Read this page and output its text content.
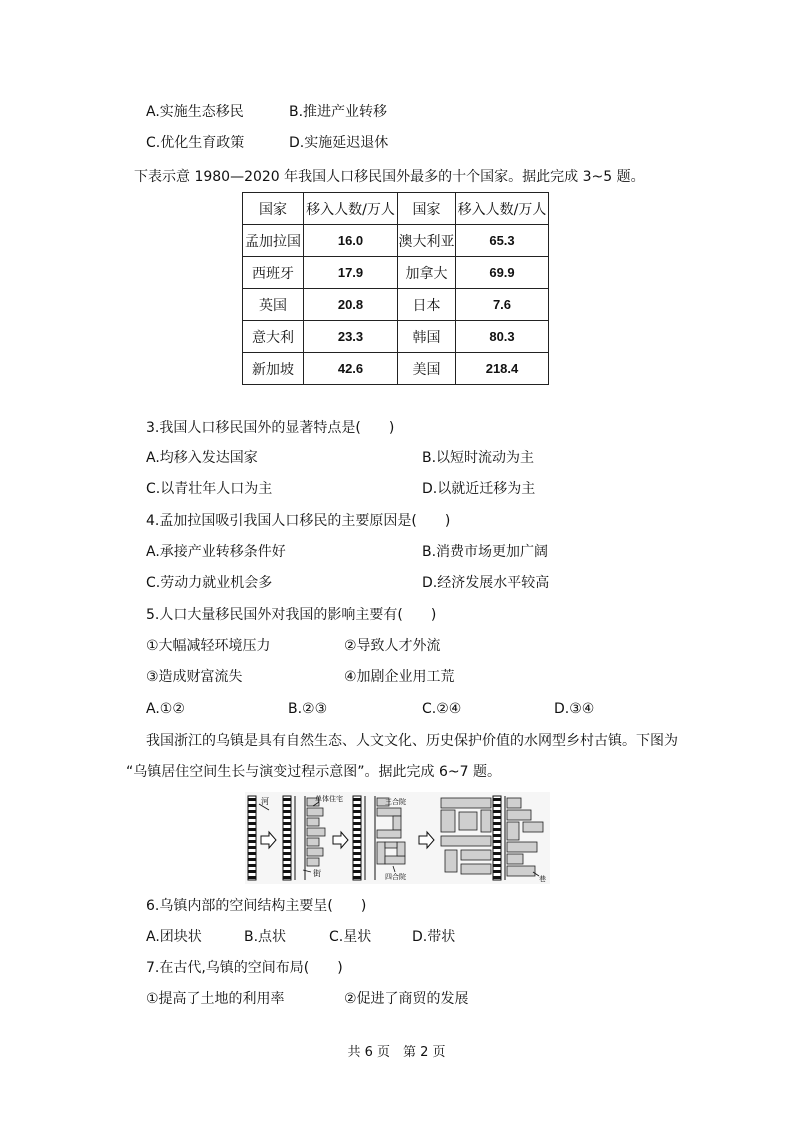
A.实施生态移民	B.推进产业转移
C.优化生育政策	D.实施延迟退休
下表示意 1980—2020 年我国人口移民国外最多的十个国家。据此完成 3~5 题。
国家	移入人数/万人	国家	移入人数/万人
孟加拉国	16.0	澳大利亚	65.3
西班牙	17.9	加拿大	69.9
英国	20.8	日本	7.6
意大利	23.3	韩国	80.3
新加坡	42.6	美国	218.4
3.我国人口移民国外的显著特点是(　　)
A.均移入发达国家	B.以短时流动为主
C.以青壮年人口为主	D.以就近迁移为主
4.孟加拉国吸引我国人口移民的主要原因是(　　)
A.承接产业转移条件好	B.消费市场更加广阔
C.劳动力就业机会多	D.经济发展水平较高
5.人口大量移民国外对我国的影响主要有(　　)
①大幅减轻环境压力	②导致人才外流
③造成财富流失	④加剧企业用工荒
A.①②	B.②③	C.②④	D.③④
我国浙江的乌镇是具有自然生态、人文文化、历史保护价值的水网型乡村古镇。下图为
“乌镇居住空间生长与演变过程示意图”。据此完成 6~7 题。
河	单体住宅
街
三合院
四合院	巷
6.乌镇内部的空间结构主要呈(　　)
A.团块状	B.点状	C.星状	D.带状
7.在古代,乌镇的空间布局(　　)
①提高了土地的利用率	②促进了商贸的发展
共 6 页　第 2 页
